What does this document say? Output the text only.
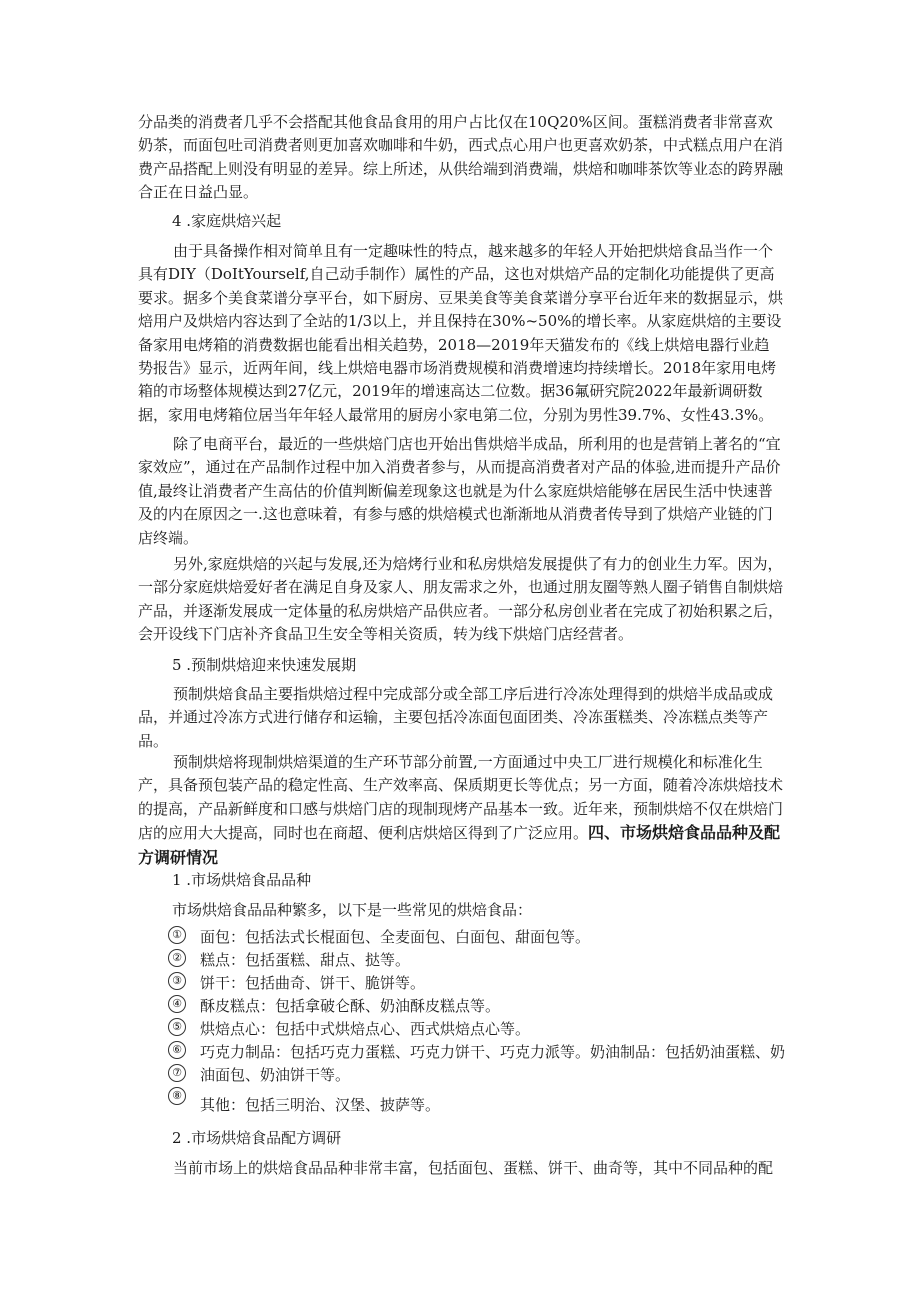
分品类的消费者几乎不会搭配其他食品食用的用户占比仅在10Q20%区间。蛋糕消费者非常喜欢奶茶，而面包吐司消费者则更加喜欢咖啡和牛奶，西式点心用户也更喜欢奶茶，中式糕点用户在消费产品搭配上则没有明显的差异。综上所述，从供给端到消费端，烘焙和咖啡茶饮等业态的跨界融合正在日益凸显。

4 .家庭烘焙兴起

由于具备操作相对简单且有一定趣味性的特点，越来越多的年轻人开始把烘焙食品当作一个具有DIY（DoItYourself,自己动手制作）属性的产品，这也对烘焙产品的定制化功能提供了更高要求。据多个美食菜谱分享平台，如下厨房、豆果美食等美食菜谱分享平台近年来的数据显示，烘焙用户及烘焙内容达到了全站的1/3以上，并且保持在30%~50%的增长率。从家庭烘焙的主要设备家用电烤箱的消费数据也能看出相关趋势，2018—2019年天猫发布的《线上烘焙电器行业趋势报告》显示，近两年间，线上烘焙电器市场消费规模和消费增速均持续增长。2018年家用电烤箱的市场整体规模达到27亿元，2019年的增速高达二位数。据36氟研究院2022年最新调研数据，家用电烤箱位居当年年轻人最常用的厨房小家电第二位，分别为男性39.7%、女性43.3%。

除了电商平台，最近的一些烘焙门店也开始出售烘焙半成品，所利用的也是营销上著名的“宜家效应”，通过在产品制作过程中加入消费者参与，从而提高消费者对产品的体验,进而提升产品价值,最终让消费者产生高估的价值判断偏差现象这也就是为什么家庭烘焙能够在居民生活中快速普及的内在原因之一.这也意味着，有参与感的烘焙模式也渐渐地从消费者传导到了烘焙产业链的门店终端。

另外,家庭烘焙的兴起与发展,还为焙烤行业和私房烘焙发展提供了有力的创业生力军。因为，一部分家庭烘焙爱好者在满足自身及家人、朋友需求之外，也通过朋友圈等熟人圈子销售自制烘焙产品，并逐渐发展成一定体量的私房烘焙产品供应者。一部分私房创业者在完成了初始积累之后，会开设线下门店补齐食品卫生安全等相关资质，转为线下烘焙门店经营者。

5 .预制烘焙迎来快速发展期

预制烘焙食品主要指烘焙过程中完成部分或全部工序后进行冷冻处理得到的烘焙半成品或成品，并通过冷冻方式进行储存和运输，主要包括冷冻面包面团类、冷冻蛋糕类、冷冻糕点类等产品。

预制烘焙将现制烘焙渠道的生产环节部分前置,一方面通过中央工厂进行规模化和标准化生产，具备预包装产品的稳定性高、生产效率高、保质期更长等优点；另一方面，随着冷冻烘焙技术的提高，产品新鲜度和口感与烘焙门店的现制现烤产品基本一致。近年来，预制烘焙不仅在烘焙门店的应用大大提高，同时也在商超、便利店烘焙区得到了广泛应用。四、市场烘焙食品品种及配方调研情况

1 .市场烘焙食品品种
市场烘焙食品品种繁多，以下是一些常见的烘焙食品：
① 面包：包括法式长棍面包、全麦面包、白面包、甜面包等。
② 糕点：包括蛋糕、甜点、挞等。
③ 饼干：包括曲奇、饼干、脆饼等。
④ 酥皮糕点：包括拿破仑酥、奶油酥皮糕点等。
⑤ 烘焙点心：包括中式烘焙点心、西式烘焙点心等。
⑥ 巧克力制品：包括巧克力蛋糕、巧克力饼干、巧克力派等。奶油制品：包括奶油蛋糕、奶油面包、奶油饼干等。
⑦
⑧
其他：包括三明治、汉堡、披萨等。
2 .市场烘焙食品配方调研

当前市场上的烘焙食品品种非常丰富，包括面包、蛋糕、饼干、曲奇等，其中不同品种的配
